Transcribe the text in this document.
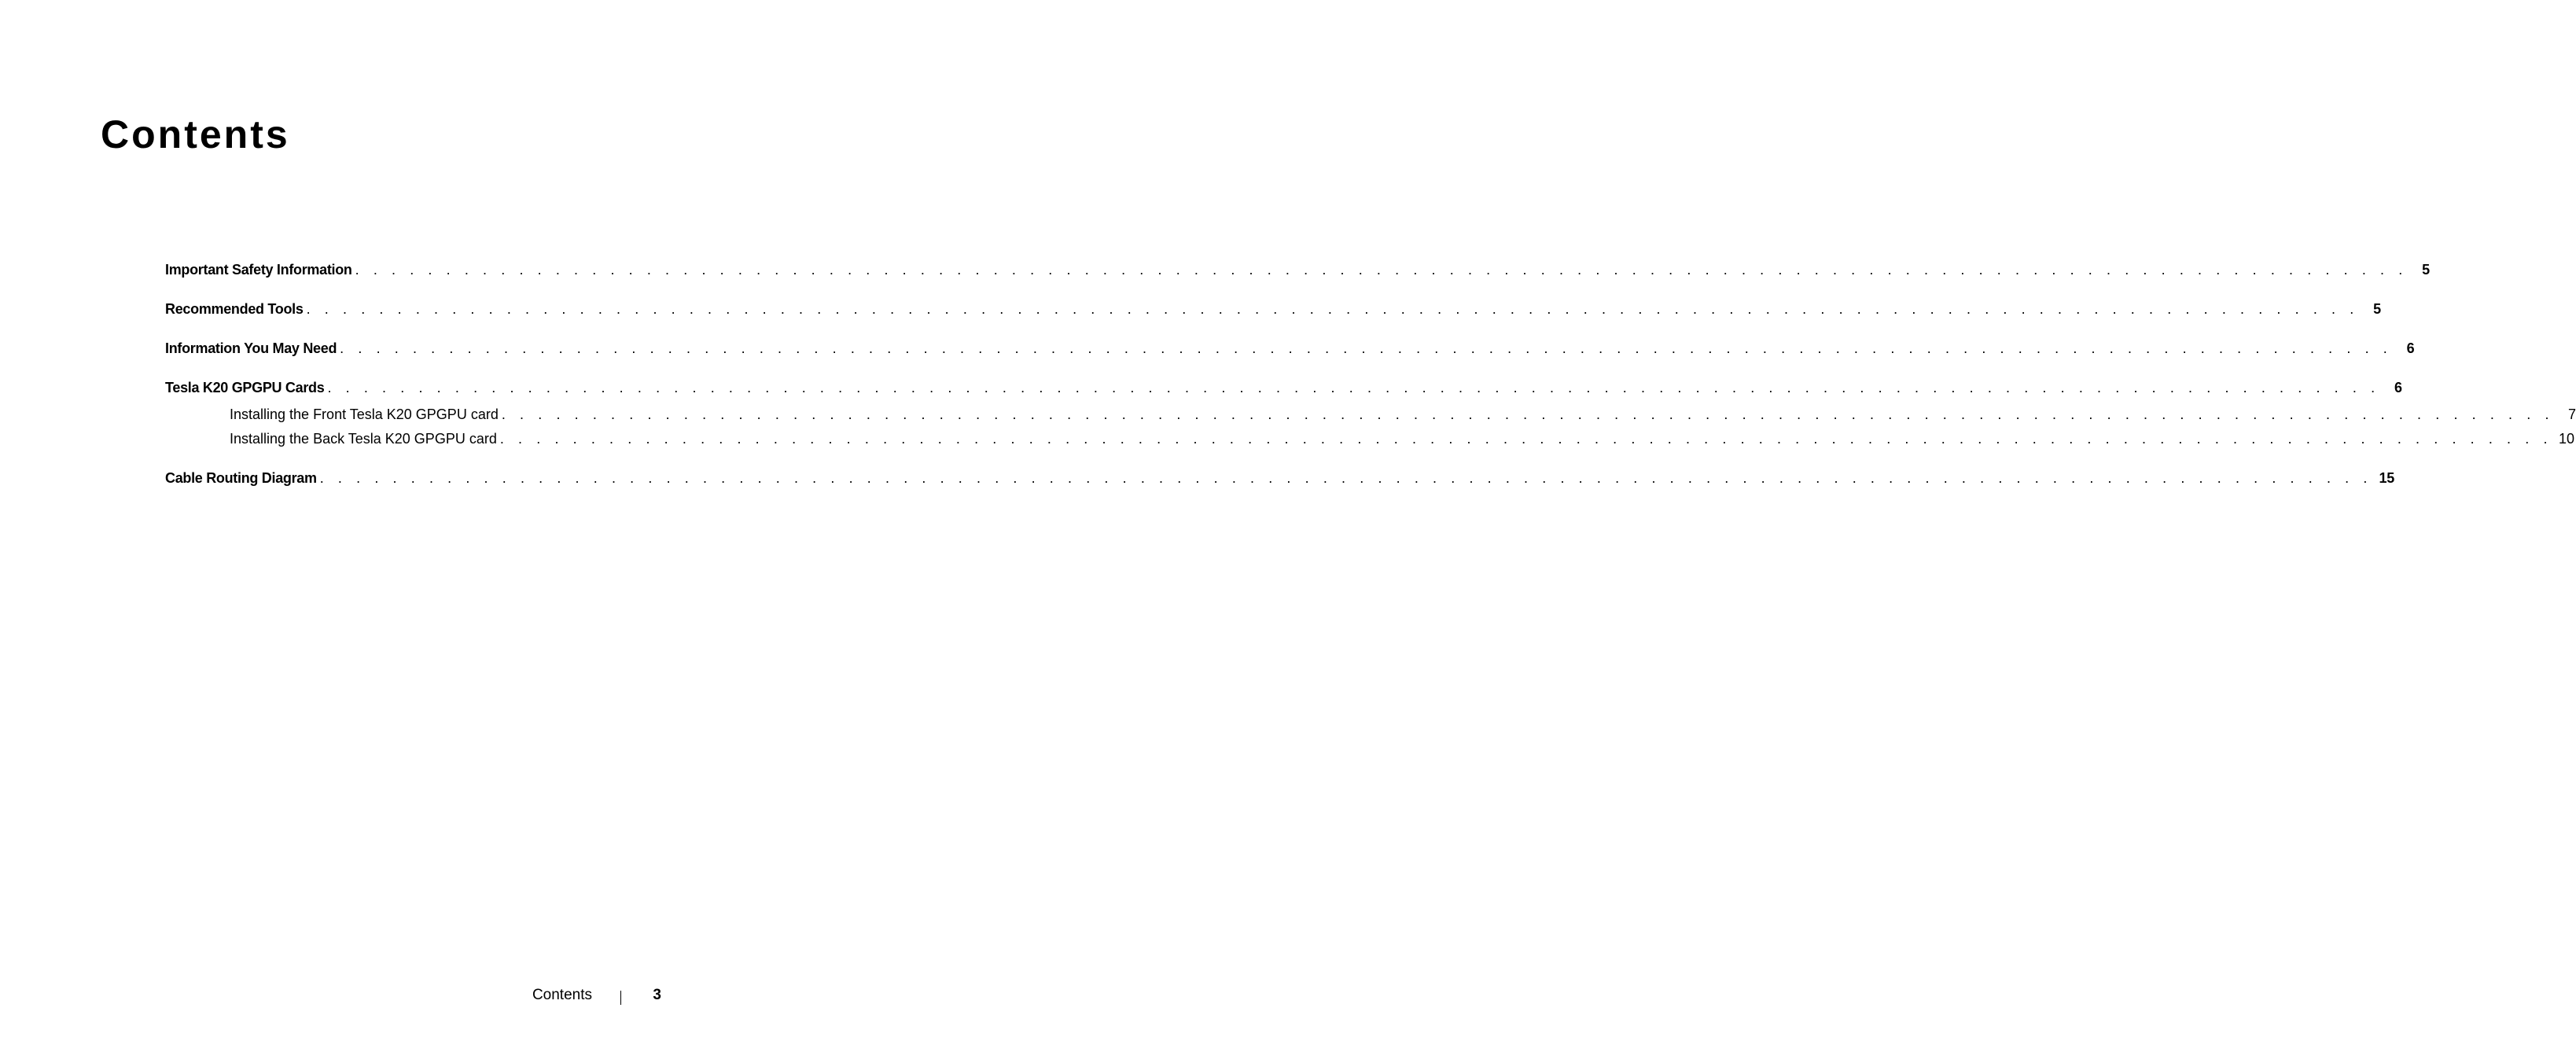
Contents
Important Safety Information . . . . . . . . . . . . . . . . . . . . . . . . . . . . . . . . . . . . . . . . . . . . . . . . . . . . . . . . . . . . . . . . . . . . . . . . . . . . . . . . . . . . . . . . . . . . . . . . . . . . . . . . . . . . . . . . .	5
Recommended Tools . . . . . . . . . . . . . . . . . . . . . . . . . . . . . . . . . . . . . . . . . . . . . . . . . . . . . . . . . . . . . . . . . . . . . . . . . . . . . . . . . . . . . . . . . . . . . . . . . . . . . . . . . . . . . . . . .	5
Information You May Need . . . . . . . . . . . . . . . . . . . . . . . . . . . . . . . . . . . . . . . . . . . . . . . . . . . . . . . . . . . . . . . . . . . . . . . . . . . . . . . . . . . . . . . . . . . . . . . . . . . . . . . . . . . . . . . . .	6
Tesla K20 GPGPU Cards . . . . . . . . . . . . . . . . . . . . . . . . . . . . . . . . . . . . . . . . . . . . . . . . . . . . . . . . . . . . . . . . . . . . . . . . . . . . . . . . . . . . . . . . . . . . . . . . . . . . . . . . . . . . . . . . .	6
Installing the Front Tesla K20 GPGPU card . . . . . . . . . . . . . . . . . . . . . . . . . . . . . . . . . . . . . . . . . . . . . . . . . . . . . . . . . . . . . . . . . . . . . . . . . . . . . . . . . . . . . . . . . . . . . . . . . . . . . . . . . . . . . . . . . 7
Installing the Back Tesla K20 GPGPU card . . . . . . . . . . . . . . . . . . . . . . . . . . . . . . . . . . . . . . . . . . . . . . . . . . . . . . . . . . . . . . . . . . . . . . . . . . . . . . . . . . . . . . . . . . . . . . . . . . . . . . . . . . . . . . . . . 10
Cable Routing Diagram . . . . . . . . . . . . . . . . . . . . . . . . . . . . . . . . . . . . . . . . . . . . . . . . . . . . . . . . . . . . . . . . . . . . . . . . . . . . . . . . . . . . . . . . . . . . . . . . . . . . . . . . . . . . . . . . . 15
Contents	3
